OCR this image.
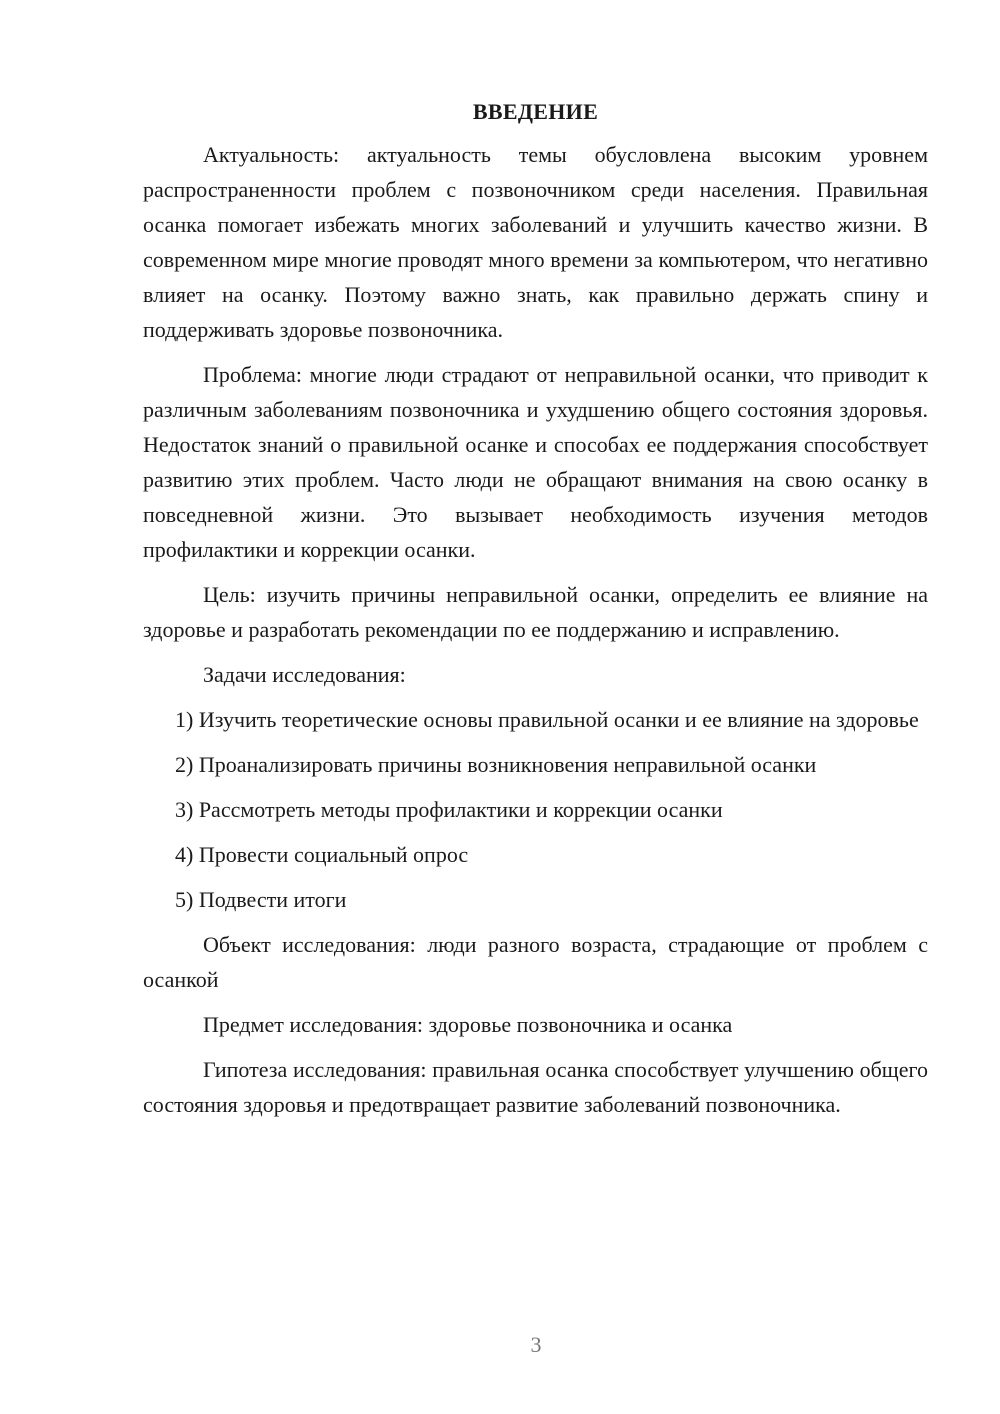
ВВЕДЕНИЕ

Актуальность: актуальность темы обусловлена высоким уровнем распространенности проблем с позвоночником среди населения. Правильная осанка помогает избежать многих заболеваний и улучшить качество жизни. В современном мире многие проводят много времени за компьютером, что негативно влияет на осанку. Поэтому важно знать, как правильно держать спину и поддерживать здоровье позвоночника.

Проблема: многие люди страдают от неправильной осанки, что приводит к различным заболеваниям позвоночника и ухудшению общего состояния здоровья. Недостаток знаний о правильной осанке и способах ее поддержания способствует развитию этих проблем. Часто люди не обращают внимания на свою осанку в повседневной жизни. Это вызывает необходимость изучения методов профилактики и коррекции осанки.

Цель: изучить причины неправильной осанки, определить ее влияние на здоровье и разработать рекомендации по ее поддержанию и исправлению.

Задачи исследования:

1) Изучить теоретические основы правильной осанки и ее влияние на здоровье
2) Проанализировать причины возникновения неправильной осанки
3) Рассмотреть методы профилактики и коррекции осанки
4) Провести социальный опрос
5) Подвести итоги

Объект исследования: люди разного возраста, страдающие от проблем с осанкой

Предмет исследования: здоровье позвоночника и осанка

Гипотеза исследования: правильная осанка способствует улучшению общего состояния здоровья и предотвращает развитие заболеваний позвоночника.

3
